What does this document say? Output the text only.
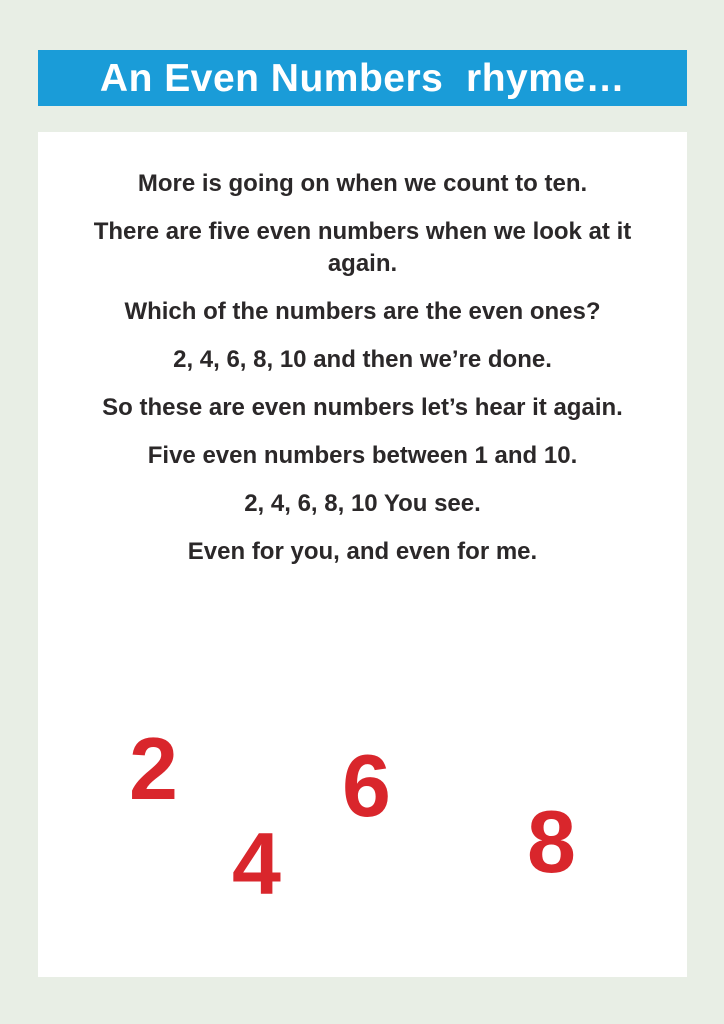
An Even Numbers  rhyme…

More is going on when we count to ten.

There are five even numbers when we look at it again.

Which of the numbers are the even ones?

2, 4, 6, 8, 10 and then we’re done.

So these are even numbers let’s hear it again.

Five even numbers between 1 and 10.

2, 4, 6, 8, 10 You see.

Even for you, and even for me.

2
4
6
8
